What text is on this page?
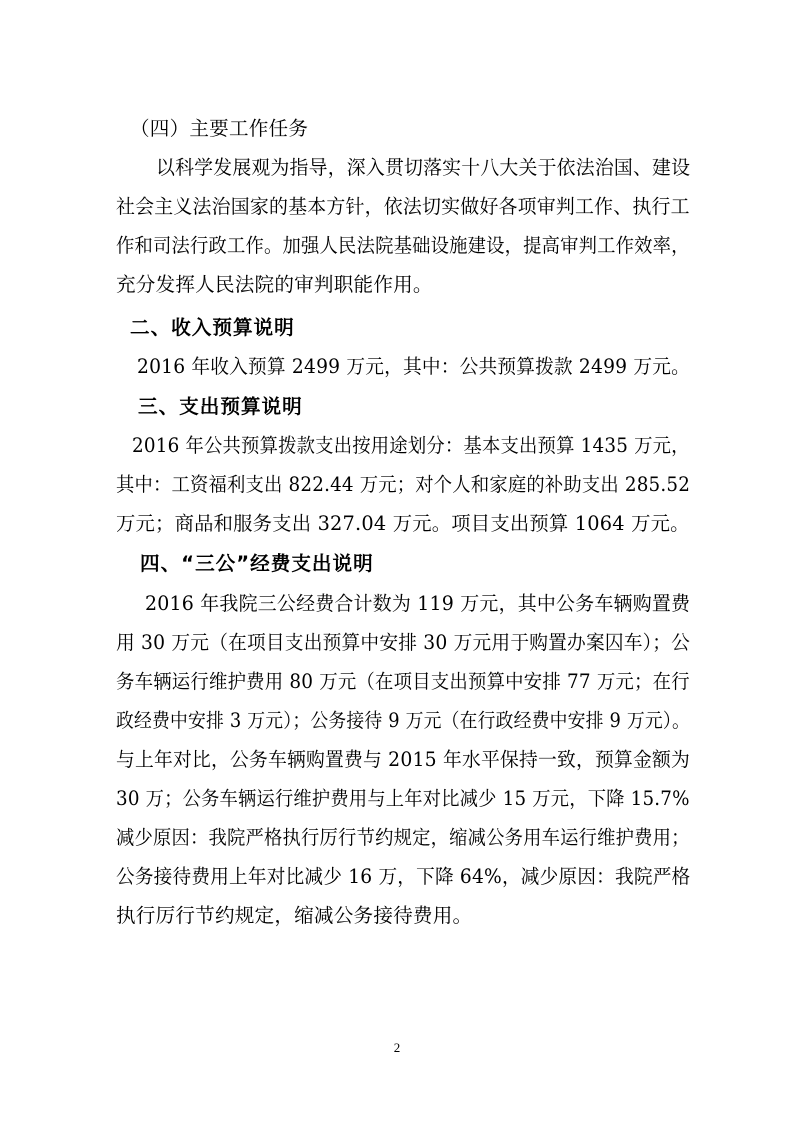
（四）主要工作任务
以科学发展观为指导，深入贯切落实十八大关于依法治国、建设
社会主义法治国家的基本方针，依法切实做好各项审判工作、执行工
作和司法行政工作。加强人民法院基础设施建设，提高审判工作效率，
充分发挥人民法院的审判职能作用。
二、收入预算说明
2016 年收入预算 2499 万元，其中：公共预算拨款 2499 万元。
三、支出预算说明
2016 年公共预算拨款支出按用途划分：基本支出预算 1435 万元，
其中：工资福利支出 822.44 万元；对个人和家庭的补助支出 285.52
万元；商品和服务支出 327.04 万元。项目支出预算 1064 万元。
四、“三公”经费支出说明
2016 年我院三公经费合计数为 119 万元，其中公务车辆购置费
用 30 万元（在项目支出预算中安排 30 万元用于购置办案囚车）；公
务车辆运行维护费用 80 万元（在项目支出预算中安排 77 万元；在行
政经费中安排 3 万元）；公务接待 9 万元（在行政经费中安排 9 万元）。
与上年对比，公务车辆购置费与 2015 年水平保持一致，预算金额为
30 万；公务车辆运行维护费用与上年对比减少 15 万元，下降 15.7%
减少原因：我院严格执行厉行节约规定，缩减公务用车运行维护费用；
公务接待费用上年对比减少 16 万，下降 64%，减少原因：我院严格
执行厉行节约规定，缩减公务接待费用。
2
